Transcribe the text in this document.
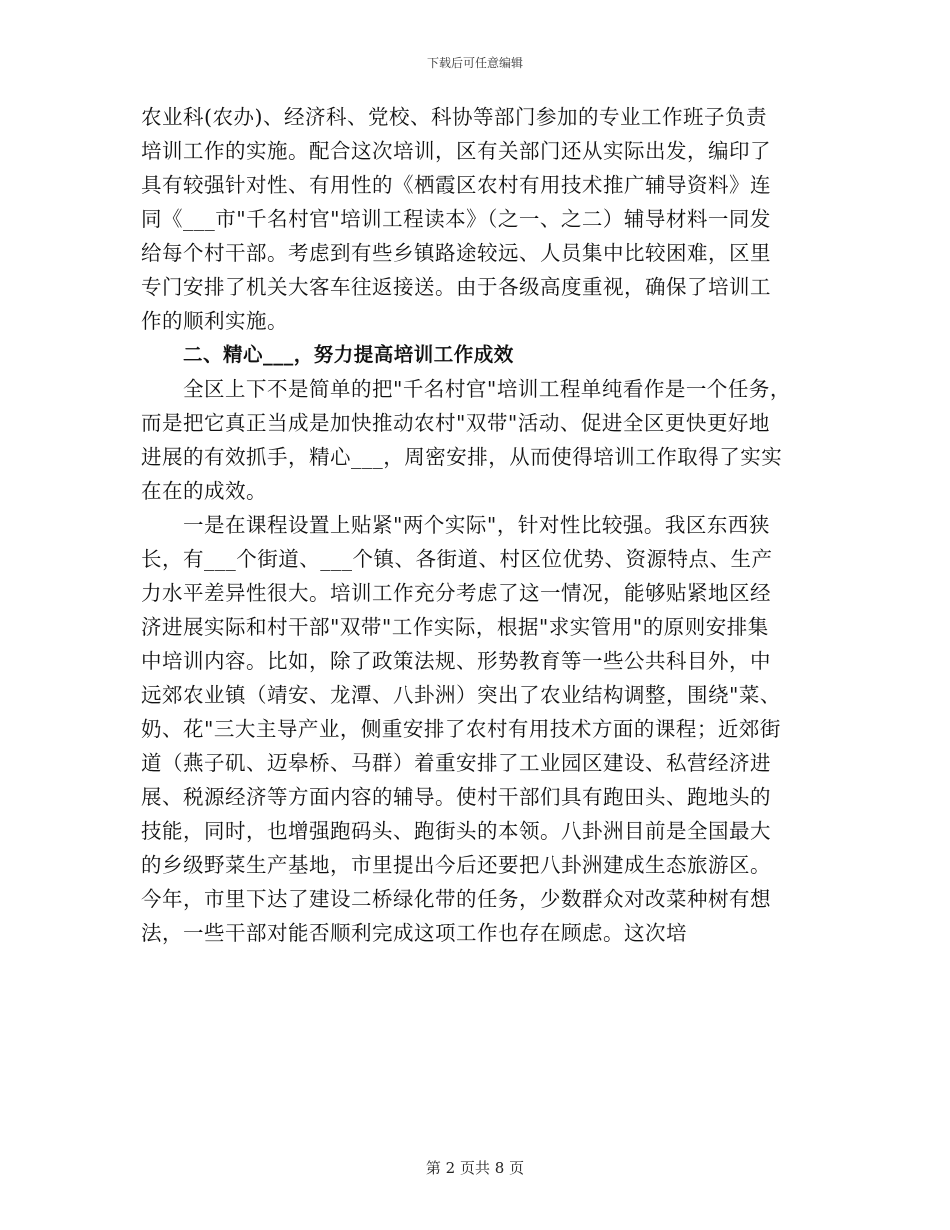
下载后可任意编辑
农业科(农办)、经济科、党校、科协等部门参加的专业工作班子负责
培训工作的实施。配合这次培训，区有关部门还从实际出发，编印了
具有较强针对性、有用性的《栖霞区农村有用技术推广辅导资料》连
同《___市"千名村官"培训工程读本》（之一、之二）辅导材料一同发
给每个村干部。考虑到有些乡镇路途较远、人员集中比较困难，区里
专门安排了机关大客车往返接送。由于各级高度重视，确保了培训工
作的顺利实施。
二、精心___，努力提高培训工作成效
全区上下不是简单的把"千名村官"培训工程单纯看作是一个任务，
而是把它真正当成是加快推动农村"双带"活动、促进全区更快更好地
进展的有效抓手，精心___，周密安排，从而使得培训工作取得了实实
在在的成效。
一是在课程设置上贴紧"两个实际"，针对性比较强。我区东西狭
长，有___个街道、___个镇、各街道、村区位优势、资源特点、生产
力水平差异性很大。培训工作充分考虑了这一情况，能够贴紧地区经
济进展实际和村干部"双带"工作实际，根据"求实管用"的原则安排集
中培训内容。比如，除了政策法规、形势教育等一些公共科目外，中
远郊农业镇（靖安、龙潭、八卦洲）突出了农业结构调整，围绕"菜、
奶、花"三大主导产业，侧重安排了农村有用技术方面的课程；近郊街
道（燕子矶、迈皋桥、马群）着重安排了工业园区建设、私营经济进
展、税源经济等方面内容的辅导。使村干部们具有跑田头、跑地头的
技能，同时，也增强跑码头、跑街头的本领。八卦洲目前是全国最大
的乡级野菜生产基地，市里提出今后还要把八卦洲建成生态旅游区。
今年，市里下达了建设二桥绿化带的任务，少数群众对改菜种树有想
法，一些干部对能否顺利完成这项工作也存在顾虑。这次培
第 2 页共 8 页
